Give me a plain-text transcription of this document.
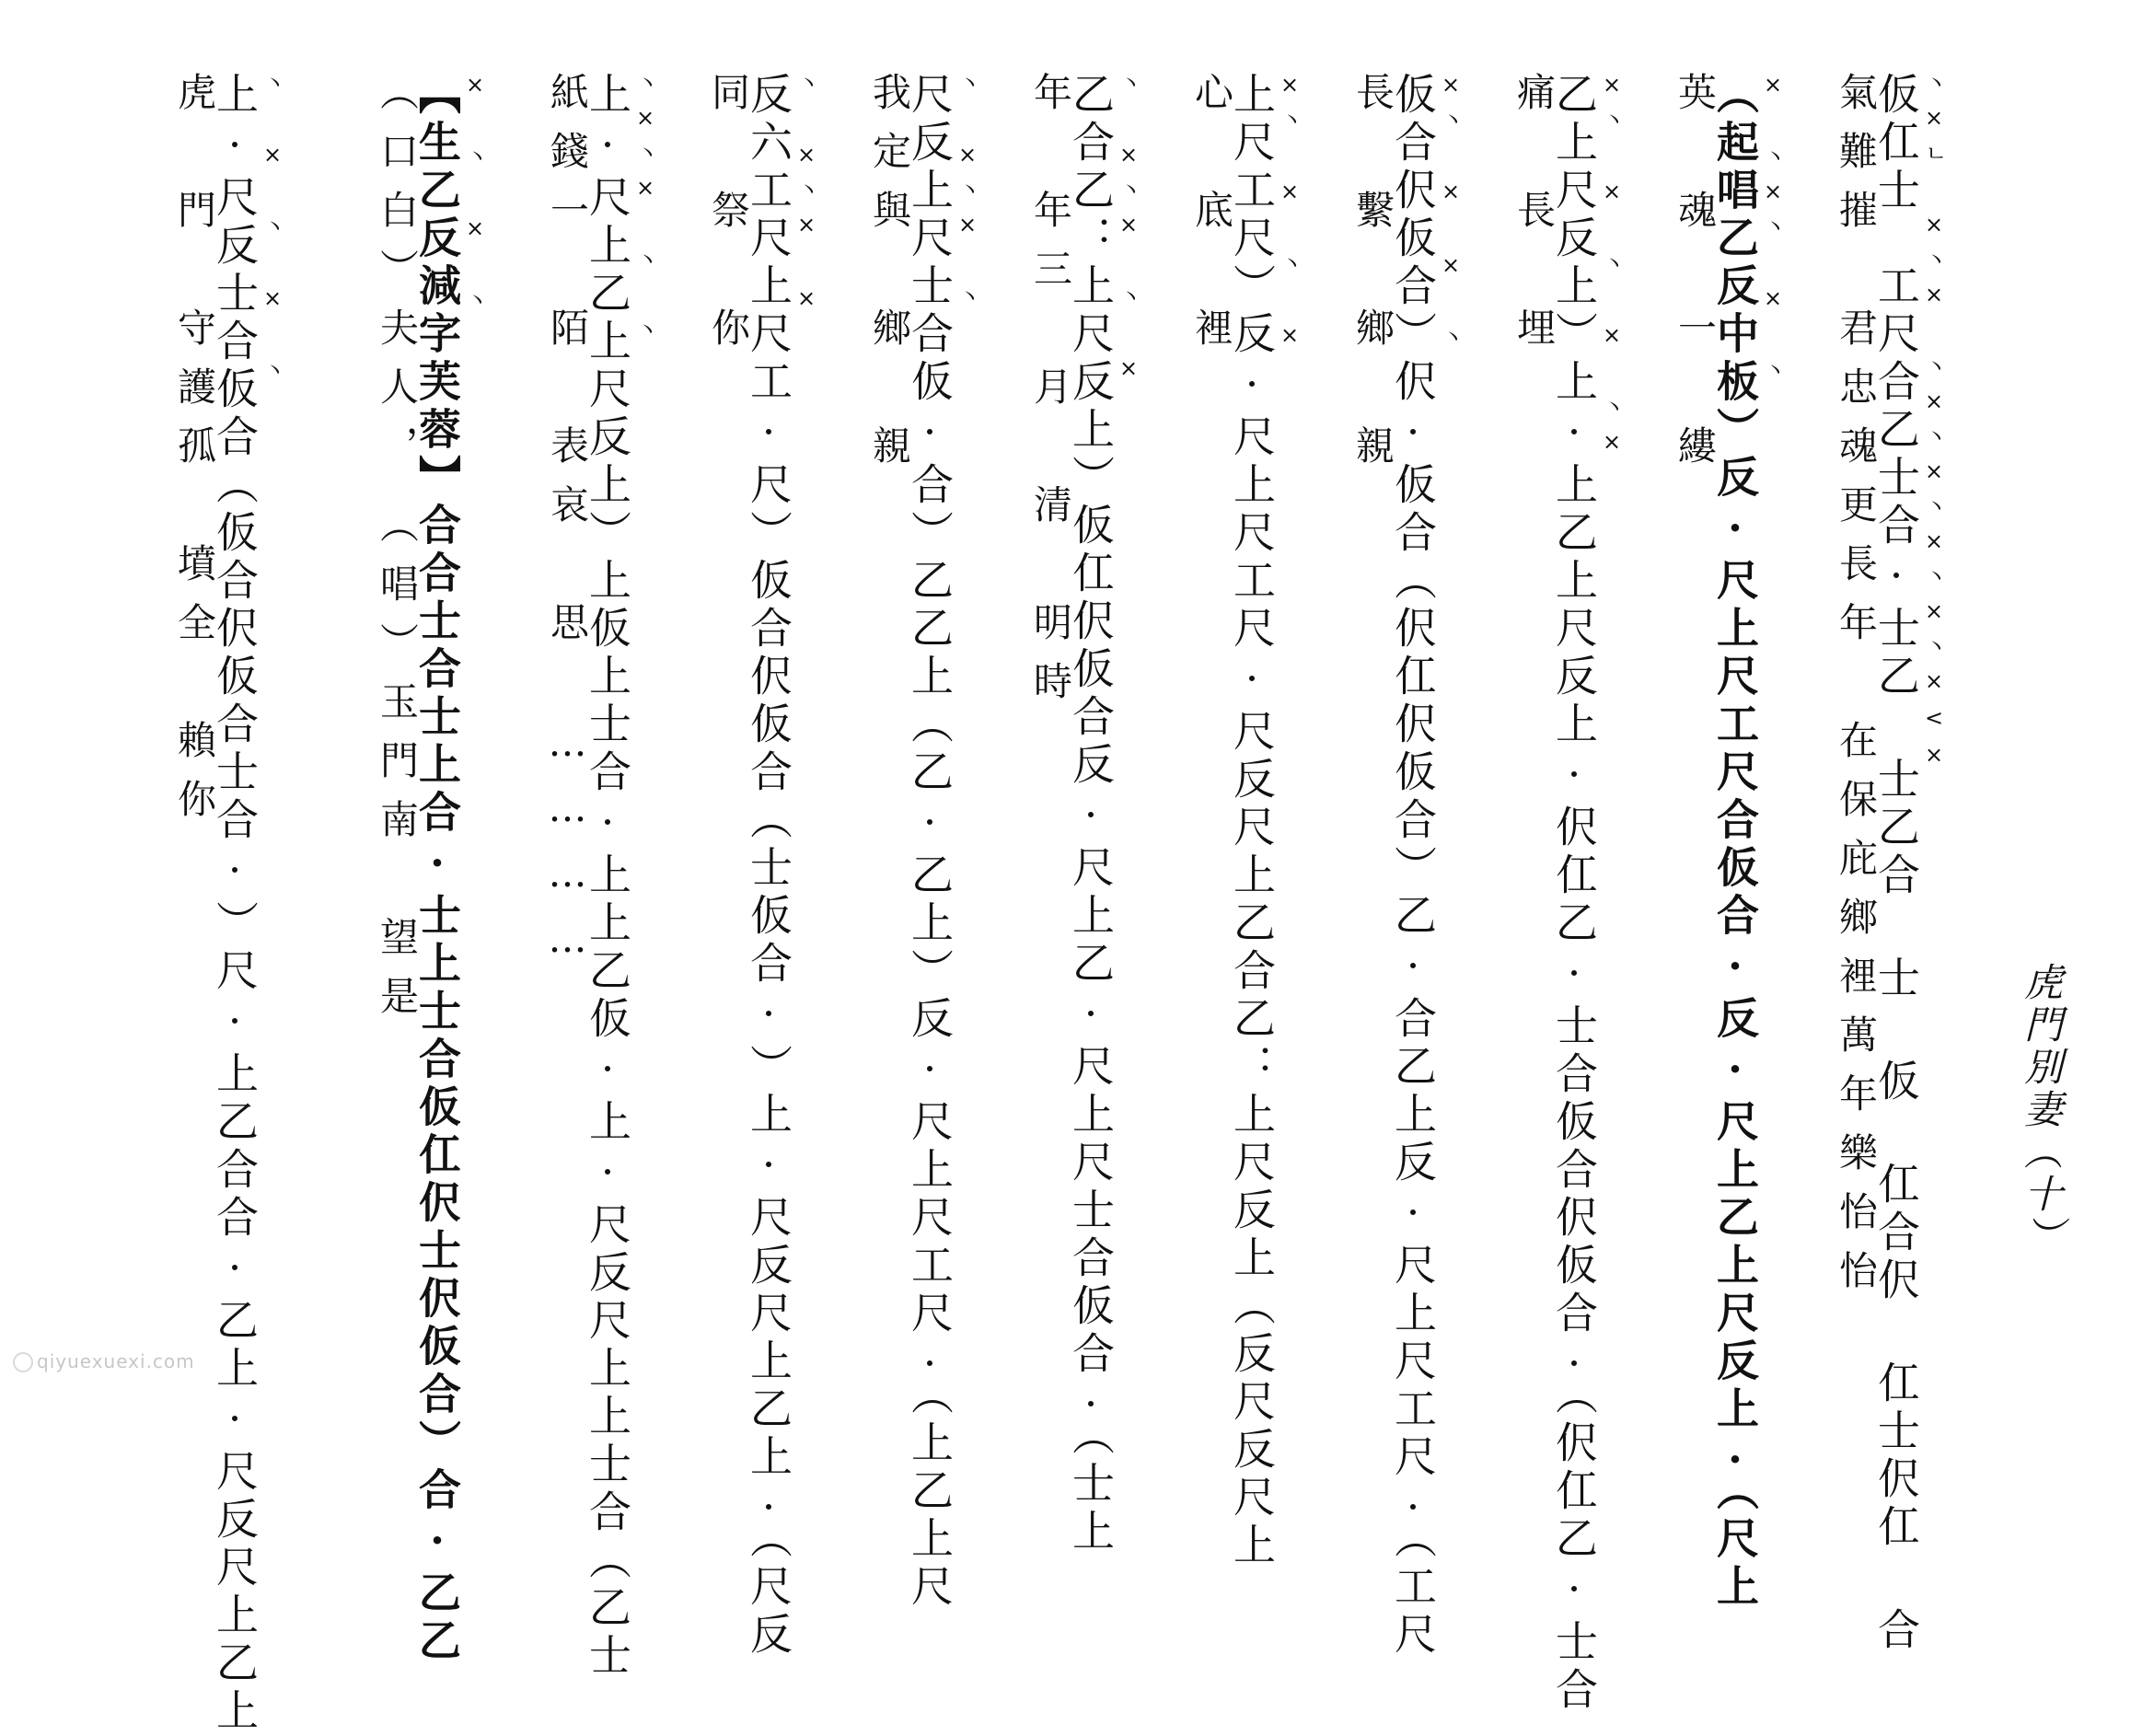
虎門別妻（十）
丶×ㄴ ×丶× 丶×丶×丶×丶×丶×<×
仮仜士　工尺合乙士合·士乙 士乙合 士 仮 仜合伬 仜士伬仜 合
氣難摧　君忠魂更長年　在保庇鄉裡萬年樂怡怡
× 丶×丶 × 丶
（起唱乙反中板）反·尺上尺工尺合仮合·反·尺上乙上尺反上·（尺上
英　魂　一　縷
×丶 × 丶 × 丶×
乙上尺反上）上·上乙上尺反上·伬仜乙·士合仮合伬仮合·（伬仜乙·士合
痛　長　埋
×丶 × × 丶
仮合伬仮合）伬·仮合（伬仜伬仮合）乙·合乙上反·尺上尺工尺·（工尺
長　繫　鄉　親
×丶 × 丶 ×
上尺工尺）反·尺上尺工尺·尺反尺上乙合乙：上尺反上（反尺反尺上
心　底　裡
丶 ×丶× 丶 ×
乙合乙：上尺反上）仮仜伬仮合反·尺上乙·尺上尺士合仮合·（士上
年　年三　月　清　明時
丶 ×丶× 丶
尺反上尺士合仮·合）乙乙上（乙·乙上）反·尺上尺工尺·（上乙上尺
我定與　鄉　親
丶 ×丶× ×
反六工尺上尺工·尺）仮合伬仮合（士仮合·）上·尺反尺上乙上·（尺反
同　祭　你
丶×丶× 丶 丶
上·尺上乙上尺反上）上仮上士合·上上乙仮·上·尺反尺上上士合（乙士
紙錢一　陌　表哀　思　…………
× 丶 × 丶
【生乙反減字芙蓉】合合士合士上合·士上士合仮仜伬士伬仮合）合·乙乙
（口白）夫人，　（唱）玉門南　望是
丶 × 丶 × 丶
上·尺反士合仮合（仮合伬仮合士合·）尺·上乙合合·乙上·尺反尺上乙上
虎　門　守護孤　墳全　賴你
qiyuexuexi.com
